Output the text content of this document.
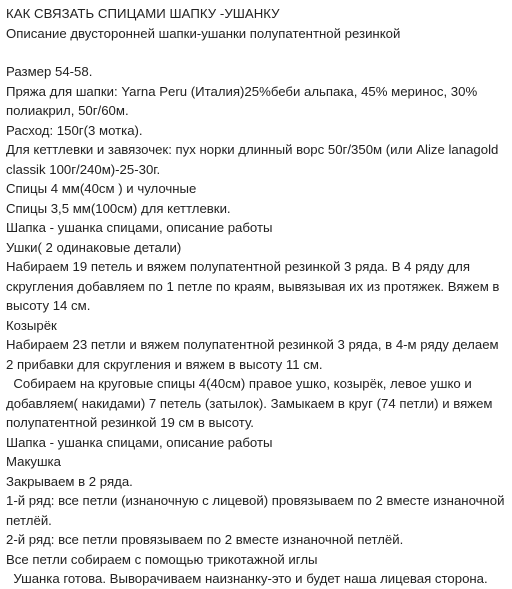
КАК СВЯЗАТЬ СПИЦАМИ ШАПКУ -УШАНКУ

Описание двусторонней шапки-ушанки полупатентной резинкой

Размер 54-58.

Пряжа для шапки: Yarna Peru (Италия)25%беби альпака, 45% меринос, 30% полиакрил, 50г/60м.

Расход: 150г(3 мотка).

Для кеттлевки и завязочек: пух норки длинный ворс 50г/350м (или Alize lanagold classik 100г/240м)-25-30г.

Спицы 4 мм(40см ) и чулочные

Спицы 3,5 мм(100см) для кеттлевки.

Шапка - ушанка спицами, описание работы

Ушки( 2 одинаковые детали)

Набираем 19 петель и вяжем полупатентной резинкой 3 ряда. В 4 ряду для скругления добавляем по 1 петле по краям, вывязывая их из протяжек. Вяжем в высоту 14 см.

Козырёк

Набираем 23 петли и вяжем полупатентной резинкой 3 ряда, в 4-м ряду делаем 2 прибавки для скругления и вяжем в высоту 11 см.

Собираем на круговые спицы 4(40см) правое ушко, козырёк, левое ушко и добавляем( накидами) 7 петель (затылок). Замыкаем в круг (74 петли) и вяжем полупатентной резинкой 19 см в высоту.

Шапка - ушанка спицами, описание работы

Макушка

Закрываем в 2 ряда.

1-й ряд: все петли (изнаночную с лицевой) провязываем по 2 вместе изнаночной петлёй.

2-й ряд: все петли провязываем по 2 вместе изнаночной петлёй.

Все петли собираем с помощью трикотажной иглы

Ушанка готова. Выворачиваем наизнанку-это и будет наша лицевая сторона.
